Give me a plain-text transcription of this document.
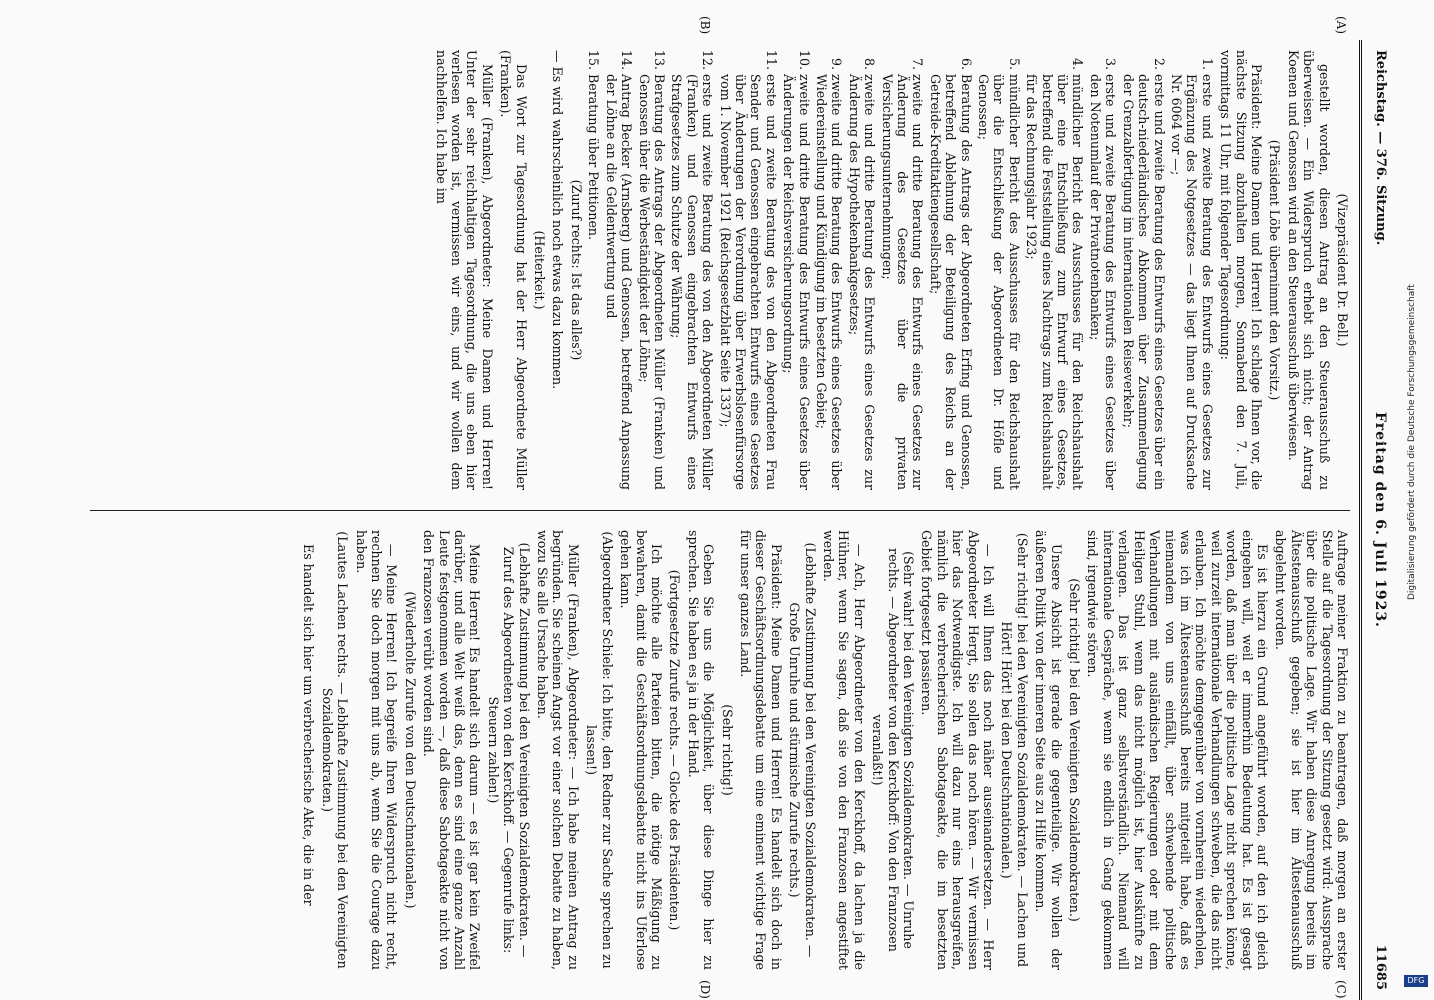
Reichstag. — 376. Sitzung.
Freitag den 6. Juli 1923.
11685
(A)
(B)
(C)
(D)

(Vizepräsident Dr. Bell.)

gestellt worden, diesen Antrag an den Steuerausschuß zu überweisen. — Ein Widerspruch erhebt sich nicht; der Antrag Koenen und Genossen wird an den Steuerausschuß überwiesen.

(Präsident Löbe übernimmt den Vorsitz.)

Präsident: Meine Damen und Herren! Ich schlage Ihnen vor, die nächste Sitzung abzuhalten morgen, Sonnabend den 7. Juli, vormittags 11 Uhr, mit folgender Tagesordnung:

1. erste und zweite Beratung des Entwurfs eines Gesetzes zur Ergänzung des Notgesetzes — das liegt Ihnen auf Drucksache Nr. 6064 vor —;
2. erste und zweite Beratung des Entwurfs eines Gesetzes über ein deutsch-niederländisches Abkommen über Zusammenlegung der Grenzabfertigung im internationalen Reiseverkehr;
3. erste und zweite Beratung des Entwurfs eines Gesetzes über den Notenumlauf der Privatnotenbanken;
4. mündlicher Bericht des Ausschusses für den Reichshaushalt über eine Entschließung zum Entwurf eines Gesetzes, betreffend die Feststellung eines Nachtrags zum Reichshaushalt für das Rechnungsjahr 1923;
5. mündlicher Bericht des Ausschusses für den Reichshaushalt über die Entschließung der Abgeordneten Dr. Höfle und Genossen;
6. Beratung des Antrags der Abgeordneten Erfing und Genossen, betreffend Ablehnung der Beteiligung des Reichs an der Getreide-Kreditaktiengesellschaft;
7. zweite und dritte Beratung des Entwurfs eines Gesetzes zur Änderung des Gesetzes über die privaten Versicherungsunternehmungen;
8. zweite und dritte Beratung des Entwurfs eines Gesetzes zur Änderung des Hypothekenbankgesetzes;
9. zweite und dritte Beratung des Entwurfs eines Gesetzes über Wiedereinstellung und Kündigung im besetzten Gebiet;
10. zweite und dritte Beratung des Entwurfs eines Gesetzes über Änderungen der Reichsversicherungsordnung;
11. erste und zweite Beratung des von den Abgeordneten Frau Sender und Genossen eingebrachten Entwurfs eines Gesetzes über Änderungen der Verordnung über Erwerbslosenfürsorge vom 1. November 1921 (Reichsgesetzblatt Seite 1337);
12. erste und zweite Beratung des von den Abgeordneten Müller (Franken) und Genossen eingebrachten Entwurfs eines Strafgesetzes zum Schutze der Währung;
13. Beratung des Antrags der Abgeordneten Müller (Franken) und Genossen über die Werbeständigkeit der Löhne;
14. Antrag Becker (Arnsberg) und Genossen, betreffend Anpassung der Löhne an die Geldentwertung und
15. Beratung über Petitionen.

(Zuruf rechts: Ist das alles?)

— Es wird wahrscheinlich noch etwas dazu kommen.

(Heiterkeit.)

Das Wort zur Tagesordnung hat der Herr Abgeordnete Müller (Franken).

Müller (Franken), Abgeordneter: Meine Damen und Herren! Unter der sehr reichhaltigen Tagesordnung, die uns eben hier verlesen worden ist, vermissen wir eins, und wir wollen dem nachhelfen. Ich habe im

Auftrage meiner Fraktion zu beantragen, daß morgen an erster Stelle auf die Tagesordnung der Sitzung gesetzt wird: Aussprache über die politische Lage. Wir haben diese Anregung bereits im Ältestenausschuß gegeben; sie ist hier im Ältestenausschuß abgelehnt worden.

Es ist hierzu ein Grund angeführt worden, auf den ich gleich eingehen will, weil er immerhin Bedeutung hat. Es ist gesagt worden, daß man über die politische Lage nicht sprechen könne, weil zurzeit internationale Verhandlungen schweben, die das nicht erlauben. Ich möchte demgegenüber von vornherein wiederholen, was ich im Ältestenausschuß bereits mitgeteilt habe, daß es niemandem von uns einfällt, über schwebende politische Verhandlungen mit ausländischen Regierungen oder mit dem Heiligen Stuhl, wenn das nicht möglich ist, hier Auskünfte zu verlangen. Das ist ganz selbstverständlich. Niemand will internationale Gespräche, wenn sie endlich in Gang gekommen sind, irgendwie stören.

(Sehr richtig! bei den Vereinigten Sozialdemokraten.)

Unsere Absicht ist gerade die gegenteilige. Wir wollen der äußeren Politik von der inneren Seite aus zu Hilfe kommen.

(Sehr richtig! bei den Vereinigten Sozialdemokraten. — Lachen und Hört! Hört! bei den Deutschnationalen.)

— Ich will Ihnen das noch näher auseinandersetzen. — Herr Abgeordneter Hergt, Sie sollen das noch hören. — Wir vermissen hier das Notwendigste. Ich will dazu nur eins herausgreifen, nämlich die verbrecherischen Sabotageakte, die im besetzten Gebiet fortgesetzt passieren.

(Sehr wahr! bei den Vereinigten Sozialdemokraten. — Unruhe rechts. — Abgeordneter von den Kerckhoff: Von den Franzosen veranlaßt!)

— Ach, Herr Abgeordneter von den Kerckhoff, da lachen ja die Hühner, wenn Sie sagen, daß sie von den Franzosen angestiftet werden.

(Lebhafte Zustimmung bei den Vereinigten Sozialdemokraten. — Große Unruhe und stürmische Zurufe rechts.)

Präsident: Meine Damen und Herren! Es handelt sich doch in dieser Geschäftsordnungsdebatte um eine eminent wichtige Frage für unser ganzes Land.

(Sehr richtig!)

Geben Sie uns die Möglichkeit, über diese Dinge hier zu sprechen. Sie haben es ja in der Hand.

(Fortgesetzte Zurufe rechts. — Glocke des Präsidenten.)

Ich möchte alle Parteien bitten, die nötige Mäßigung zu bewahren, damit die Geschäftsordnungsdebatte nicht ins Uferlose gehen kann.

(Abgeordneter Schiele: Ich bitte, den Redner zur Sache sprechen zu lassen!)

Müller (Franken), Abgeordneter: — Ich habe meinen Antrag zu begründen. Sie scheinen Angst vor einer solchen Debatte zu haben, wozu Sie alle Ursache haben.

(Lebhafte Zustimmung bei den Vereinigten Sozialdemokraten. — Zuruf des Abgeordneten von den Kerckhoff. — Gegenrufe links: Steuern zahlen!)

Meine Herren! Es handelt sich darum — es ist gar kein Zweifel darüber, und alle Welt weiß das, denn es sind eine ganze Anzahl Leute festgenommen worden —, daß diese Sabotageakte nicht von den Franzosen verübt worden sind.

(Wiederholte Zurufe von den Deutschnationalen.)

— Meine Herren! Ich begreife Ihren Widerspruch nicht recht, rechnen Sie doch morgen mit uns ab, wenn Sie die Courage dazu haben.

(Lautes Lachen rechts. — Lebhafte Zustimmung bei den Vereinigten Sozialdemokraten.)

Es handelt sich hier um verbrecherische Akte, die in der

Digitalisierung gefördert durch die Deutsche Forschungsgemeinschaft
DFG
